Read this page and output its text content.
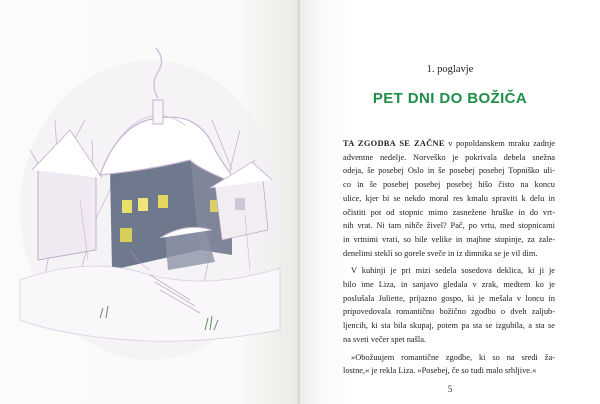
1. poglavje
PET DNI DO BOŽIČA
TA ZGODBA SE ZAČNE v popoldanskem mraku zadnje
adventne nedelje. Norveško je pokrivala debela snežna
odeja, še posebej Oslo in še posebej posebej Topniško uli-
co in še posebej posebej posebej hišo čisto na koncu
ulice, kjer bi se nekdo moral res kmalu spraviti k delu in
očistiti pot od stopnic mimo zasnežene hruške in do vrt-
nih vrat. Ni tam nihče živel? Pač, po vrtu, med stopnicami
in vrtnimi vrati, so bile velike in majhne stopinje, za zale-
denelimi steklí so gorele sveče in iz dimnika se je vil dim.
V kuhinji je pri mizi sedela sosedova deklica, ki ji je
bilo ime Liza, in sanjavo gledala v zrak, medtem ko je
poslušala Juliette, prijazno gospo, ki je mešala v loncu in
pripovedovala romantično božično zgodbo o dveh zaljub-
ljencih, ki sta bila skupaj, potem pa sta se izgubila, a sta se
na sveti večer spet našla.
»Obožuujem romantične zgodbe, ki so na sredi ža-
lostne,« je rekla Liza. »Posebej, če so tudi malo srhljive.«
5
